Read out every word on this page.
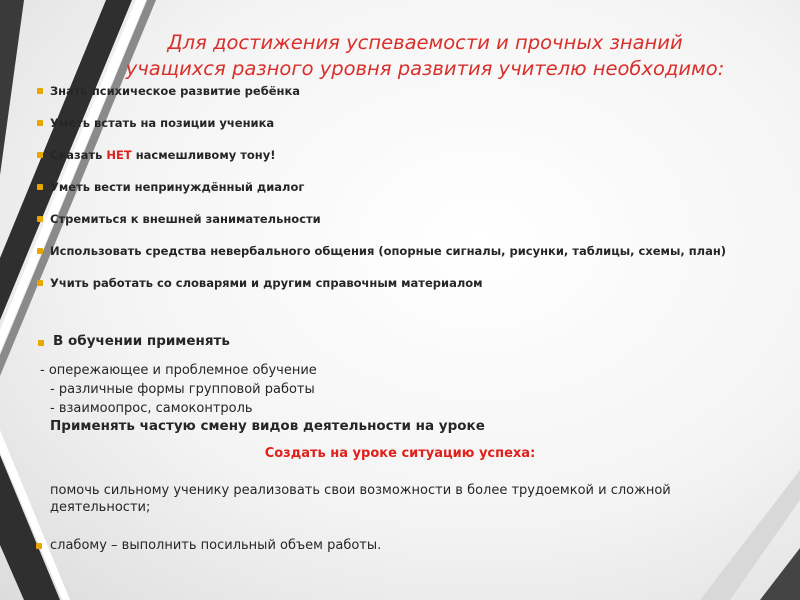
Для достижения успеваемости и прочных знаний
учащихся разного уровня развития учителю необходимо:
Знать психическое развитие ребёнка
Уметь встать на позиции ученика
Сказать НЕТ насмешливому тону!
Уметь вести непринуждённый диалог
Стремиться к внешней занимательности
Использовать средства невербального общения (опорные сигналы, рисунки, таблицы, схемы, план)
Учить работать со словарями и другим справочным материалом

В обучении применять

- опережающее и проблемное обучение

- различные формы групповой работы

- взаимоопрос, самоконтроль

Применять частую смену видов деятельности на уроке

Создать на уроке ситуацию успеха:

помочь сильному ученику реализовать свои возможности в более трудоемкой и сложной деятельности;

слабому – выполнить посильный объем работы.
